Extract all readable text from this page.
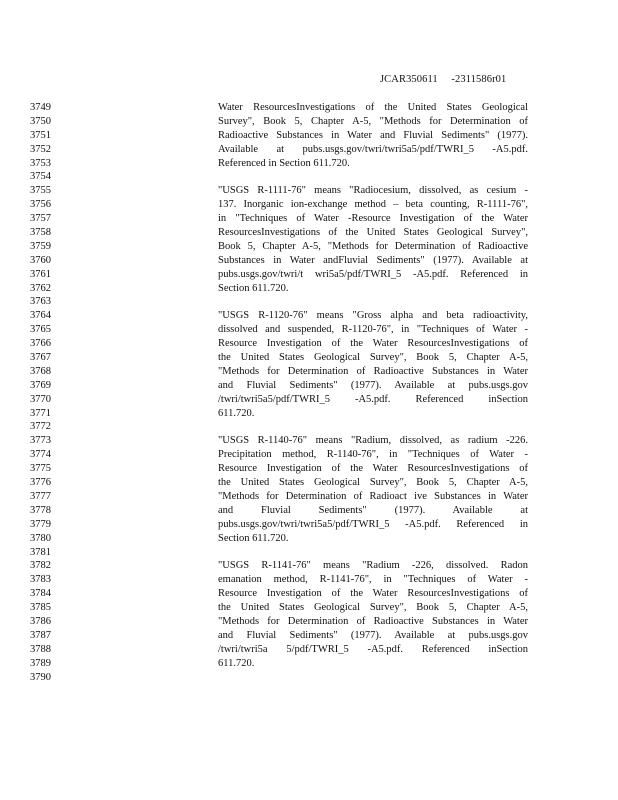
JCAR350611     -2311586r01
3749
3750
3751
3752
3753
3754
3755
3756
3757
3758
3759
3760
3761
3762
3763
3764
3765
3766
3767
3768
3769
3770
3771
3772
3773
3774
3775
3776
3777
3778
3779
3780
3781
3782
3783
3784
3785
3786
3787
3788
3789
3790
Water ResourcesInvestigations of the United States Geological
Survey", Book 5, Chapter A-5, "Methods for Determination of
Radioactive Substances in Water and Fluvial Sediments" (1977).
Available at pubs.usgs.gov/twri/twri5a5/pdf/TWRI_5 -A5.pdf.
Referenced in Section 611.720.
"USGS R-1111-76" means "Radiocesium, dissolved, as cesium -
137. Inorganic ion-exchange method – beta counting, R-1111-76",
in "Techniques of Water -Resource Investigation of the Water
ResourcesInvestigations of the United States Geological Survey",
Book 5, Chapter A-5, "Methods for Determination of Radioactive
Substances in Water andFluvial Sediments" (1977). Available at
pubs.usgs.gov/twri/t wri5a5/pdf/TWRI_5 -A5.pdf. Referenced in
Section 611.720.
"USGS R-1120-76" means "Gross alpha and beta radioactivity,
dissolved and suspended, R-1120-76", in "Techniques of Water -
Resource Investigation of the Water ResourcesInvestigations of
the United States Geological Survey", Book 5, Chapter A-5,
"Methods for Determination of Radioactive Substances in Water
and Fluvial Sediments" (1977). Available at pubs.usgs.gov
/twri/twri5a5/pdf/TWRI_5 -A5.pdf. Referenced inSection
611.720.
"USGS R-1140-76" means "Radium, dissolved, as radium -226.
Precipitation method, R-1140-76", in "Techniques of Water -
Resource Investigation of the Water ResourcesInvestigations of
the United States Geological Survey", Book 5, Chapter A-5,
"Methods for Determination of Radioact ive Substances in Water
and Fluvial Sediments" (1977). Available at
pubs.usgs.gov/twri/twri5a5/pdf/TWRI_5 -A5.pdf. Referenced in
Section 611.720.
"USGS R-1141-76" means "Radium -226, dissolved. Radon
emanation method, R-1141-76", in "Techniques of Water -
Resource Investigation of the Water ResourcesInvestigations of
the United States Geological Survey", Book 5, Chapter A-5,
"Methods for Determination of Radioactive Substances in Water
and Fluvial Sediments" (1977). Available at pubs.usgs.gov
/twri/twri5a 5/pdf/TWRI_5 -A5.pdf. Referenced inSection
611.720.
